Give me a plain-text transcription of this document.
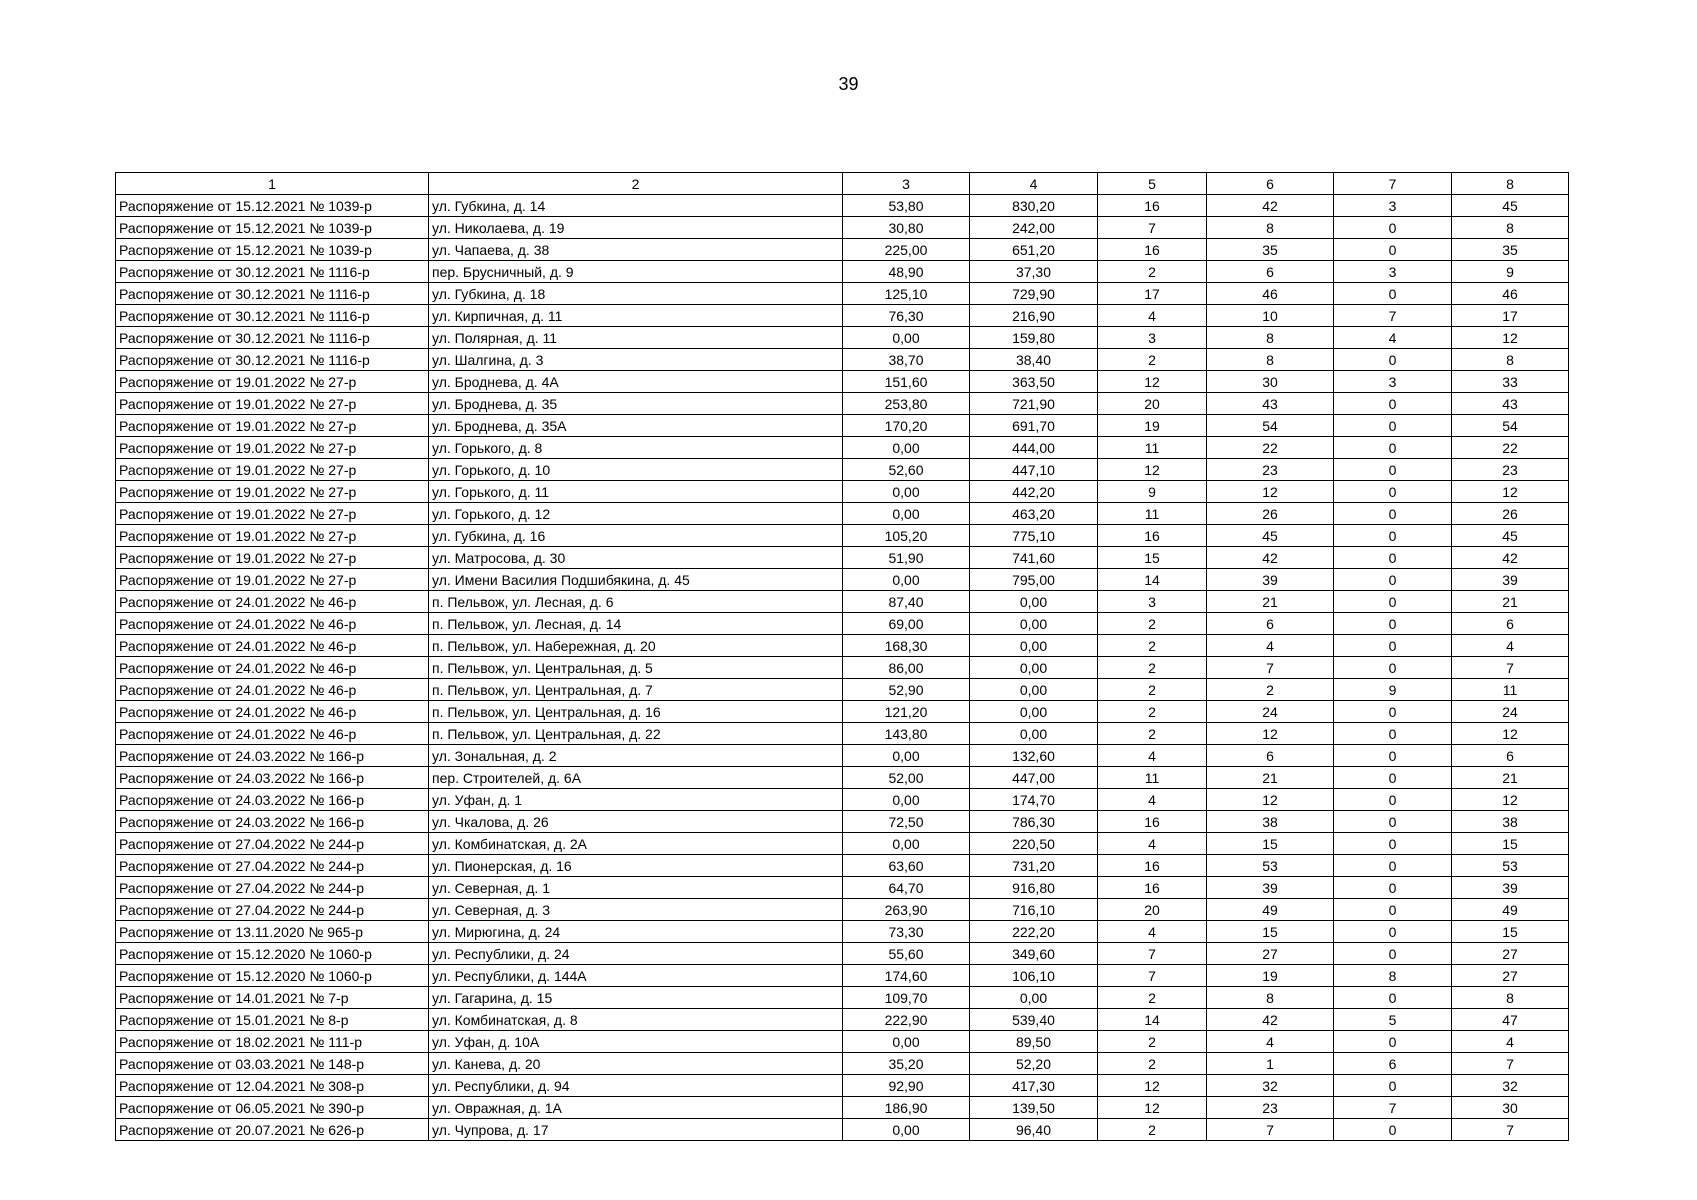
39
1	2	3	4	5	6	7	8
Распоряжение от 15.12.2021 № 1039-р	ул. Губкина, д. 14	53,80	830,20	16	42	3	45
Распоряжение от 15.12.2021 № 1039-р	ул. Николаева, д. 19	30,80	242,00	7	8	0	8
Распоряжение от 15.12.2021 № 1039-р	ул. Чапаева, д. 38	225,00	651,20	16	35	0	35
Распоряжение от 30.12.2021 № 1116-р	пер. Брусничный, д. 9	48,90	37,30	2	6	3	9
Распоряжение от 30.12.2021 № 1116-р	ул. Губкина, д. 18	125,10	729,90	17	46	0	46
Распоряжение от 30.12.2021 № 1116-р	ул. Кирпичная, д. 11	76,30	216,90	4	10	7	17
Распоряжение от 30.12.2021 № 1116-р	ул. Полярная, д. 11	0,00	159,80	3	8	4	12
Распоряжение от 30.12.2021 № 1116-р	ул. Шалгина, д. 3	38,70	38,40	2	8	0	8
Распоряжение от 19.01.2022 № 27-р	ул. Броднева, д. 4А	151,60	363,50	12	30	3	33
Распоряжение от 19.01.2022 № 27-р	ул. Броднева, д. 35	253,80	721,90	20	43	0	43
Распоряжение от 19.01.2022 № 27-р	ул. Броднева, д. 35А	170,20	691,70	19	54	0	54
Распоряжение от 19.01.2022 № 27-р	ул. Горького, д. 8	0,00	444,00	11	22	0	22
Распоряжение от 19.01.2022 № 27-р	ул. Горького, д. 10	52,60	447,10	12	23	0	23
Распоряжение от 19.01.2022 № 27-р	ул. Горького, д. 11	0,00	442,20	9	12	0	12
Распоряжение от 19.01.2022 № 27-р	ул. Горького, д. 12	0,00	463,20	11	26	0	26
Распоряжение от 19.01.2022 № 27-р	ул. Губкина, д. 16	105,20	775,10	16	45	0	45
Распоряжение от 19.01.2022 № 27-р	ул. Матросова, д. 30	51,90	741,60	15	42	0	42
Распоряжение от 19.01.2022 № 27-р	ул. Имени Василия Подшибякина, д. 45	0,00	795,00	14	39	0	39
Распоряжение от 24.01.2022 № 46-р	п. Пельвож, ул. Лесная, д. 6	87,40	0,00	3	21	0	21
Распоряжение от 24.01.2022 № 46-р	п. Пельвож, ул. Лесная, д. 14	69,00	0,00	2	6	0	6
Распоряжение от 24.01.2022 № 46-р	п. Пельвож, ул. Набережная, д. 20	168,30	0,00	2	4	0	4
Распоряжение от 24.01.2022 № 46-р	п. Пельвож, ул. Центральная, д. 5	86,00	0,00	2	7	0	7
Распоряжение от 24.01.2022 № 46-р	п. Пельвож, ул. Центральная, д. 7	52,90	0,00	2	2	9	11
Распоряжение от 24.01.2022 № 46-р	п. Пельвож, ул. Центральная, д. 16	121,20	0,00	2	24	0	24
Распоряжение от 24.01.2022 № 46-р	п. Пельвож, ул. Центральная, д. 22	143,80	0,00	2	12	0	12
Распоряжение от 24.03.2022 № 166-р	ул. Зональная, д. 2	0,00	132,60	4	6	0	6
Распоряжение от 24.03.2022 № 166-р	пер. Строителей, д. 6А	52,00	447,00	11	21	0	21
Распоряжение от 24.03.2022 № 166-р	ул. Уфан, д. 1	0,00	174,70	4	12	0	12
Распоряжение от 24.03.2022 № 166-р	ул. Чкалова, д. 26	72,50	786,30	16	38	0	38
Распоряжение от 27.04.2022 № 244-р	ул. Комбинатская, д. 2А	0,00	220,50	4	15	0	15
Распоряжение от 27.04.2022 № 244-р	ул. Пионерская, д. 16	63,60	731,20	16	53	0	53
Распоряжение от 27.04.2022 № 244-р	ул. Северная, д. 1	64,70	916,80	16	39	0	39
Распоряжение от 27.04.2022 № 244-р	ул. Северная, д. 3	263,90	716,10	20	49	0	49
Распоряжение от 13.11.2020 № 965-р	ул. Мирюгина, д. 24	73,30	222,20	4	15	0	15
Распоряжение от 15.12.2020 № 1060-р	ул. Республики, д. 24	55,60	349,60	7	27	0	27
Распоряжение от 15.12.2020 № 1060-р	ул. Республики, д. 144А	174,60	106,10	7	19	8	27
Распоряжение от 14.01.2021 № 7-р	ул. Гагарина, д. 15	109,70	0,00	2	8	0	8
Распоряжение от 15.01.2021 № 8-р	ул. Комбинатская, д. 8	222,90	539,40	14	42	5	47
Распоряжение от 18.02.2021 № 111-р	ул. Уфан, д. 10А	0,00	89,50	2	4	0	4
Распоряжение от 03.03.2021 № 148-р	ул. Канева, д. 20	35,20	52,20	2	1	6	7
Распоряжение от 12.04.2021 № 308-р	ул. Республики, д. 94	92,90	417,30	12	32	0	32
Распоряжение от 06.05.2021 № 390-р	ул. Овражная, д. 1А	186,90	139,50	12	23	7	30
Распоряжение от 20.07.2021 № 626-р	ул. Чупрова, д. 17	0,00	96,40	2	7	0	7
